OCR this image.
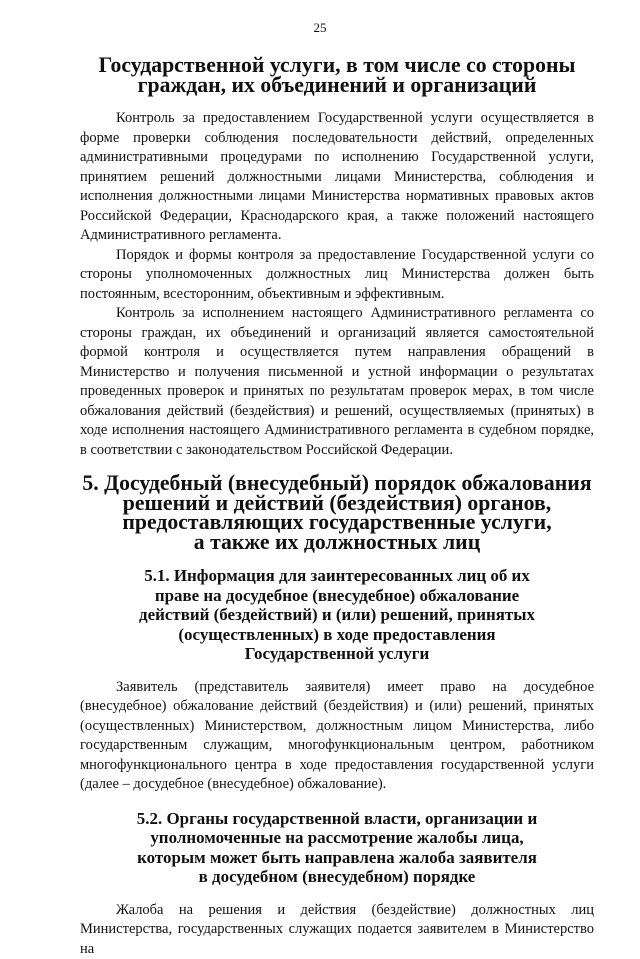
25
Государственной услуги, в том числе со стороны
граждан, их объединений и организаций

Контроль за предоставлением Государственной услуги осуществляется в форме проверки соблюдения последовательности действий, определенных административными процедурами по исполнению Государственной услуги, принятием решений должностными лицами Министерства, соблюдения и исполнения должностными лицами Министерства нормативных правовых актов Российской Федерации, Краснодарского края, а также положений настоящего Административного регламента.

Порядок и формы контроля за предоставление Государственной услуги со стороны уполномоченных должностных лиц Министерства должен быть постоянным, всесторонним, объективным и эффективным.

Контроль за исполнением настоящего Административного регламента со стороны граждан, их объединений и организаций является самостоятельной формой контроля и осуществляется путем направления обращений в Министерство и получения письменной и устной информации о результатах проведенных проверок и принятых по результатам проверок мерах, в том числе обжалования действий (бездействия) и решений, осуществляемых (принятых) в ходе исполнения настоящего Административного регламента в судебном порядке, в соответствии с законодательством Российской Федерации.

5. Досудебный (внесудебный) порядок обжалования
решений и действий (бездействия) органов,
предоставляющих государственные услуги,
а также их должностных лиц
5.1. Информация для заинтересованных лиц об их
праве на досудебное (внесудебное) обжалование
действий (бездействий) и (или) решений, принятых
(осуществленных) в ходе предоставления
Государственной услуги

Заявитель (представитель заявителя) имеет право на досудебное (внесудебное) обжалование действий (бездействия) и (или) решений, принятых (осуществленных) Министерством, должностным лицом Министерства, либо государственным служащим, многофункциональным центром, работником многофункционального центра в ходе предоставления государственной услуги (далее – досудебное (внесудебное) обжалование).

5.2. Органы государственной власти, организации и
уполномоченные на рассмотрение жалобы лица,
которым может быть направлена жалоба заявителя
в досудебном (внесудебном) порядке

Жалоба на решения и действия (бездействие) должностных лиц Министерства, государственных служащих подается заявителем в Министерство на
